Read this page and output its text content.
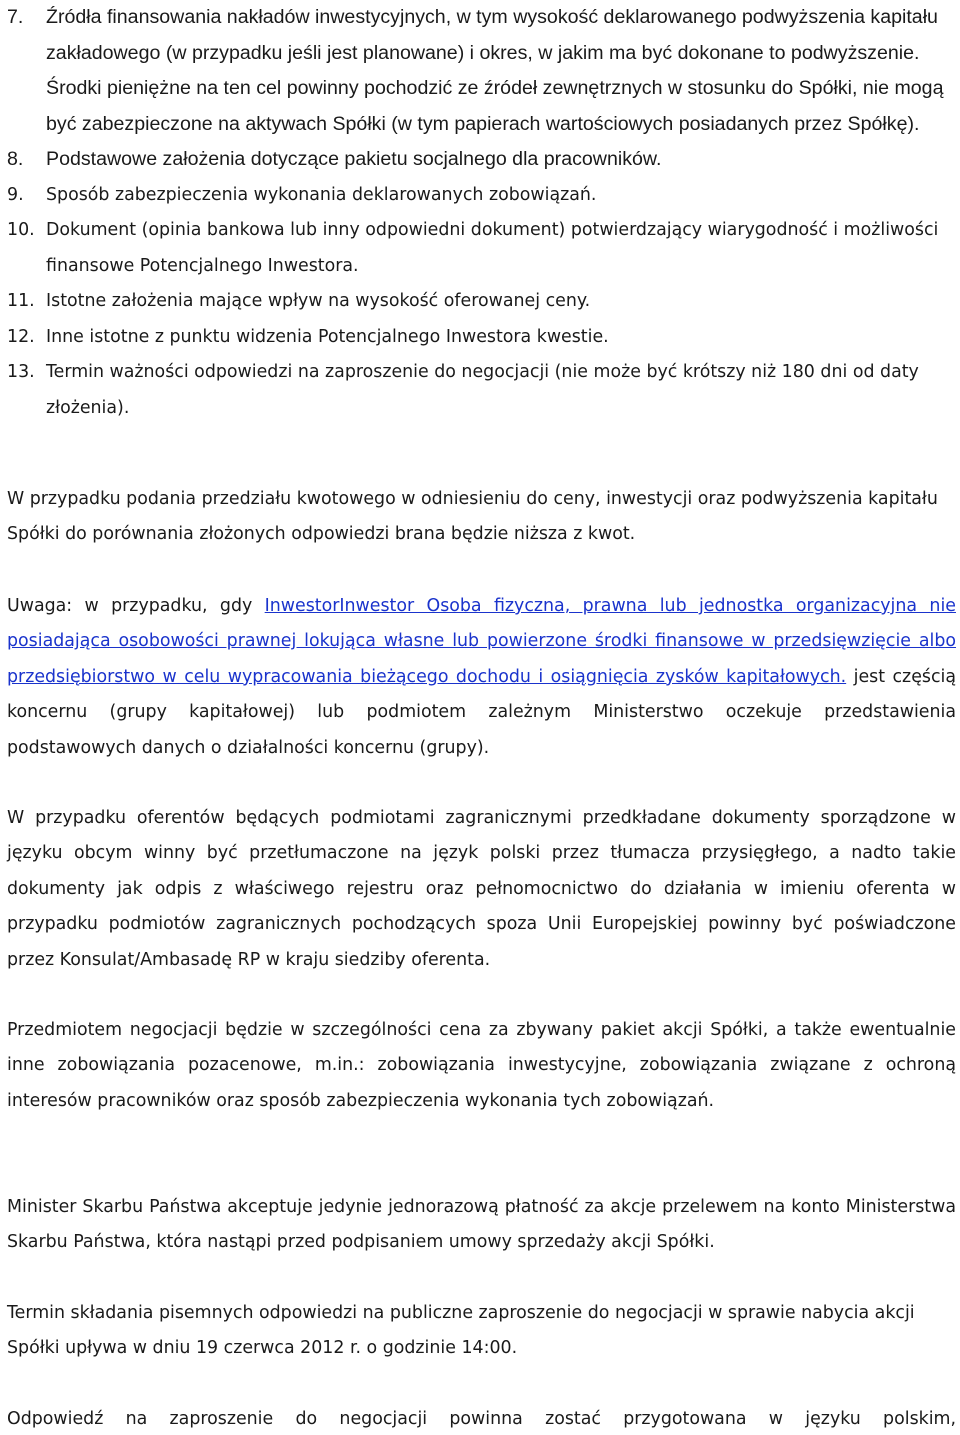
7. Źródła finansowania nakładów inwestycyjnych, w tym wysokość deklarowanego podwyższenia kapitału zakładowego (w przypadku jeśli jest planowane) i okres, w jakim ma być dokonane to podwyższenie. Środki pieniężne na ten cel powinny pochodzić ze źródeł zewnętrznych w stosunku do Spółki, nie mogą być zabezpieczone na aktywach Spółki (w tym papierach wartościowych posiadanych przez Spółkę).
8. Podstawowe założenia dotyczące pakietu socjalnego dla pracowników.
9. Sposób zabezpieczenia wykonania deklarowanych zobowiązań.
10. Dokument (opinia bankowa lub inny odpowiedni dokument) potwierdzający wiarygodność i możliwości finansowe Potencjalnego Inwestora.
11. Istotne założenia mające wpływ na wysokość oferowanej ceny.
12. Inne istotne z punktu widzenia Potencjalnego Inwestora kwestie.
13. Termin ważności odpowiedzi na zaproszenie do negocjacji (nie może być krótszy niż 180 dni od daty złożenia).

W przypadku podania przedziału kwotowego w odniesieniu do ceny, inwestycji oraz podwyższenia kapitału Spółki do porównania złożonych odpowiedzi brana będzie niższa z kwot.

Uwaga: w przypadku, gdy InwestorInwestor Osoba fizyczna, prawna lub jednostka organizacyjna nie posiadająca osobowości prawnej lokująca własne lub powierzone środki finansowe w przedsięwzięcie albo przedsiębiorstwo w celu wypracowania bieżącego dochodu i osiągnięcia zysków kapitałowych. jest częścią koncernu (grupy kapitałowej) lub podmiotem zależnym Ministerstwo oczekuje przedstawienia podstawowych danych o działalności koncernu (grupy).

W przypadku oferentów będących podmiotami zagranicznymi przedkładane dokumenty sporządzone w języku obcym winny być przetłumaczone na język polski przez tłumacza przysięgłego, a nadto takie dokumenty jak odpis z właściwego rejestru oraz pełnomocnictwo do działania w imieniu oferenta w przypadku podmiotów zagranicznych pochodzących spoza Unii Europejskiej powinny być poświadczone przez Konsulat/Ambasadę RP w kraju siedziby oferenta.

Przedmiotem negocjacji będzie w szczególności cena za zbywany pakiet akcji Spółki, a także ewentualnie inne zobowiązania pozacenowe, m.in.: zobowiązania inwestycyjne, zobowiązania związane z ochroną interesów pracowników oraz sposób zabezpieczenia wykonania tych zobowiązań.

Minister Skarbu Państwa akceptuje jedynie jednorazową płatność za akcje przelewem na konto Ministerstwa Skarbu Państwa, która nastąpi przed podpisaniem umowy sprzedaży akcji Spółki.

Termin składania pisemnych odpowiedzi na publiczne zaproszenie do negocjacji w sprawie nabycia akcji Spółki upływa w dniu 19 czerwca 2012 r. o godzinie 14:00.

Odpowiedź na zaproszenie do negocjacji powinna zostać przygotowana w języku polskim,
